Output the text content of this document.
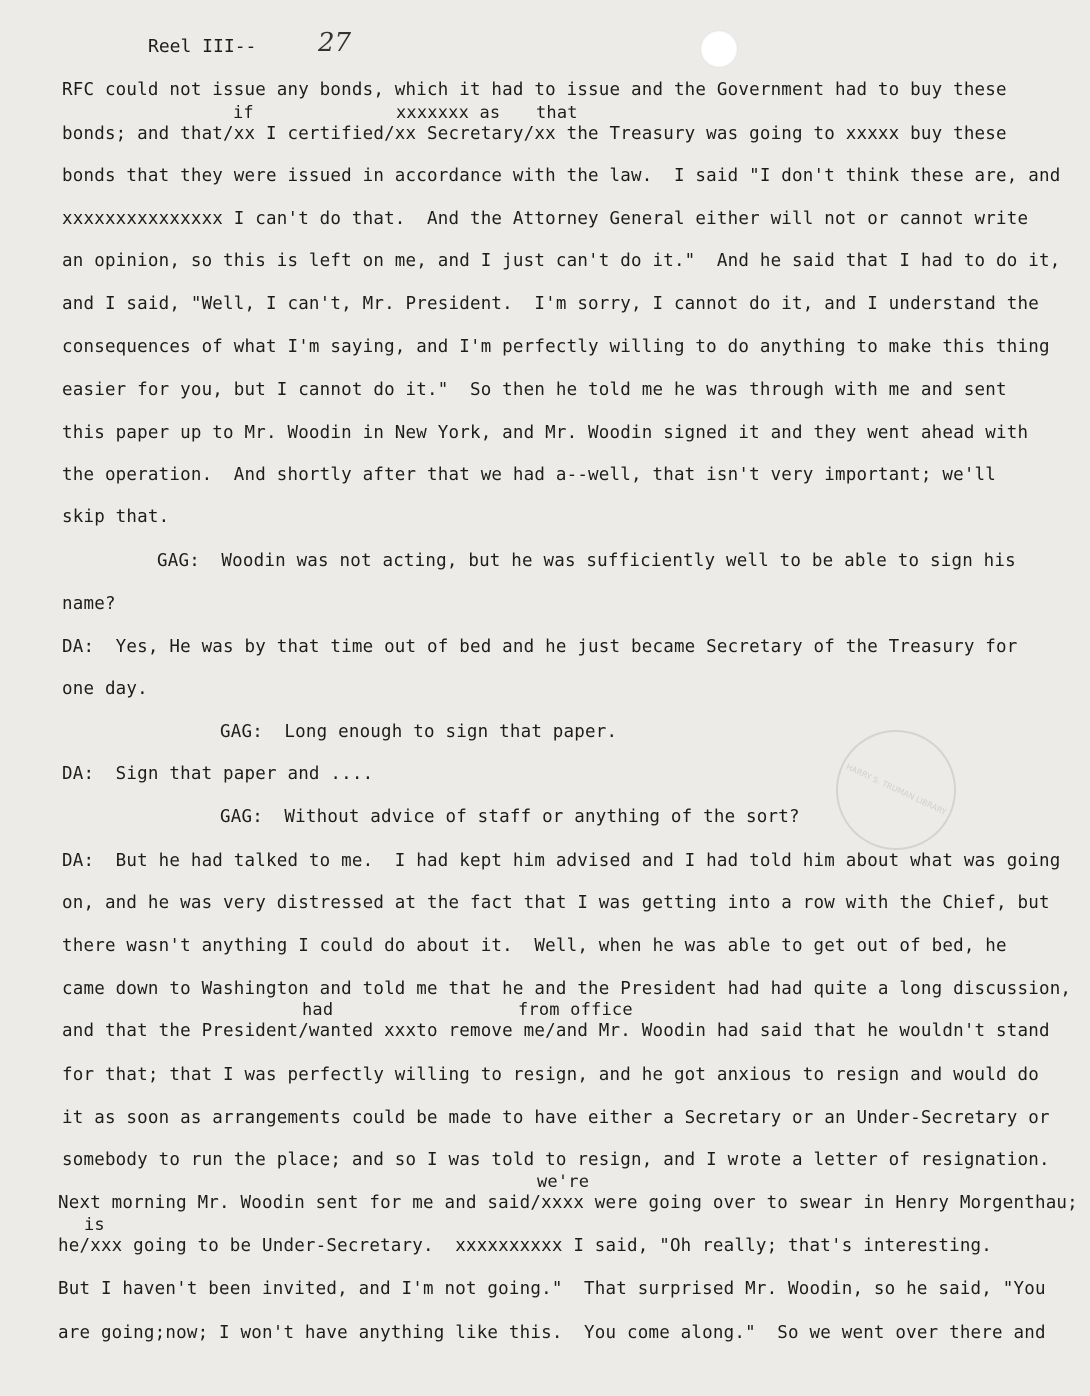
Reel III-- 27
HARRY S. TRUMAN LIBRARY
RFC could not issue any bonds, which it had to issue and the Government had to buy these
bonds; and that/xx I certified/xx Secretary/xx the Treasury was going to xxxxx buy these
bonds that they were issued in accordance with the law.  I said "I don't think these are, and
xxxxxxxxxxxxxxx I can't do that.  And the Attorney General either will not or cannot write
an opinion, so this is left on me, and I just can't do it."  And he said that I had to do it,
and I said, "Well, I can't, Mr. President.  I'm sorry, I cannot do it, and I understand the
consequences of what I'm saying, and I'm perfectly willing to do anything to make this thing
easier for you, but I cannot do it."  So then he told me he was through with me and sent
this paper up to Mr. Woodin in New York, and Mr. Woodin signed it and they went ahead with
the operation.  And shortly after that we had a--well, that isn't very important; we'll
skip that.
GAG:  Woodin was not acting, but he was sufficiently well to be able to sign his
name?
DA:  Yes, He was by that time out of bed and he just became Secretary of the Treasury for
one day.
GAG:  Long enough to sign that paper.
DA:  Sign that paper and ....
GAG:  Without advice of staff or anything of the sort?
DA:  But he had talked to me.  I had kept him advised and I had told him about what was going
on, and he was very distressed at the fact that I was getting into a row with the Chief, but
there wasn't anything I could do about it.  Well, when he was able to get out of bed, he
came down to Washington and told me that he and the President had had quite a long discussion,
and that the President/wanted xxxto remove me/and Mr. Woodin had said that he wouldn't stand
for that; that I was perfectly willing to resign, and he got anxious to resign and would do
it as soon as arrangements could be made to have either a Secretary or an Under-Secretary or
somebody to run the place; and so I was told to resign, and I wrote a letter of resignation.
Next morning Mr. Woodin sent for me and said/xxxx were going over to swear in Henry Morgenthau;
he/xxx going to be Under-Secretary.  xxxxxxxxxx I said, "Oh really; that's interesting.
But I haven't been invited, and I'm not going."  That surprised Mr. Woodin, so he said, "You
are going;now; I won't have anything like this.  You come along."  So we went over there and
if	xxxxxxx as that
had	from office
we're
is
